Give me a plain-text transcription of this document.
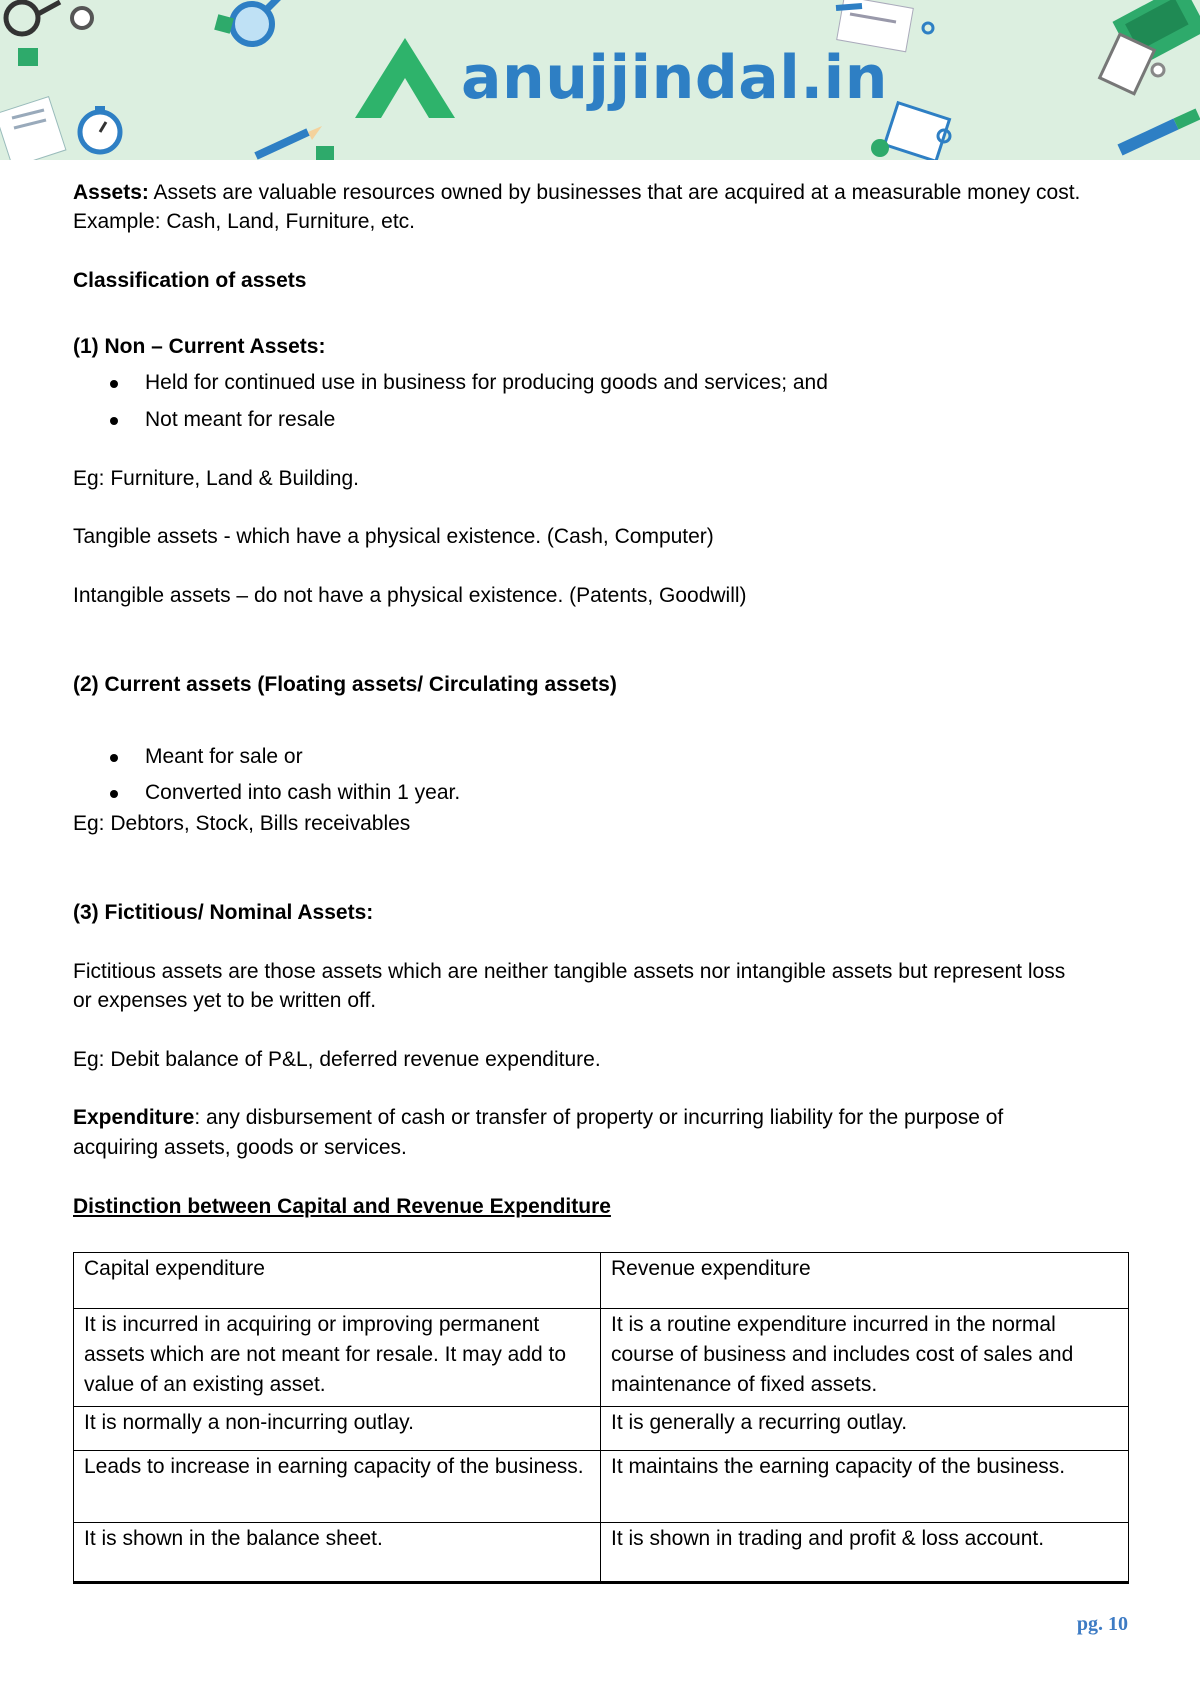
anujjindal.in
Assets: Assets are valuable resources owned by businesses that are acquired at a measurable money cost.
Example: Cash, Land, Furniture, etc.
Classification of assets
(1) Non – Current Assets:
Held for continued use in business for producing goods and services; and
Not meant for resale
Eg: Furniture, Land & Building.
Tangible assets - which have a physical existence. (Cash, Computer)
Intangible assets – do not have a physical existence. (Patents, Goodwill)
(2) Current assets (Floating assets/ Circulating assets)
Meant for sale or
Converted into cash within 1 year.
Eg: Debtors, Stock, Bills receivables
(3) Fictitious/ Nominal Assets:
Fictitious assets are those assets which are neither tangible assets nor intangible assets but represent loss
or expenses yet to be written off.
Eg: Debit balance of P&L, deferred revenue expenditure.
Expenditure: any disbursement of cash or transfer of property or incurring liability for the purpose of
acquiring assets, goods or services.
Distinction between Capital and Revenue Expenditure
Capital expenditure	Revenue expenditure
It is incurred in acquiring or improving permanent assets which are not meant for resale. It may add to value of an existing asset.	It is a routine expenditure incurred in the normal course of business and includes cost of sales and maintenance of fixed assets.
It is normally a non-incurring outlay.	It is generally a recurring outlay.
Leads to increase in earning capacity of the business.	It maintains the earning capacity of the business.
It is shown in the balance sheet.	It is shown in trading and profit & loss account.
pg. 10
